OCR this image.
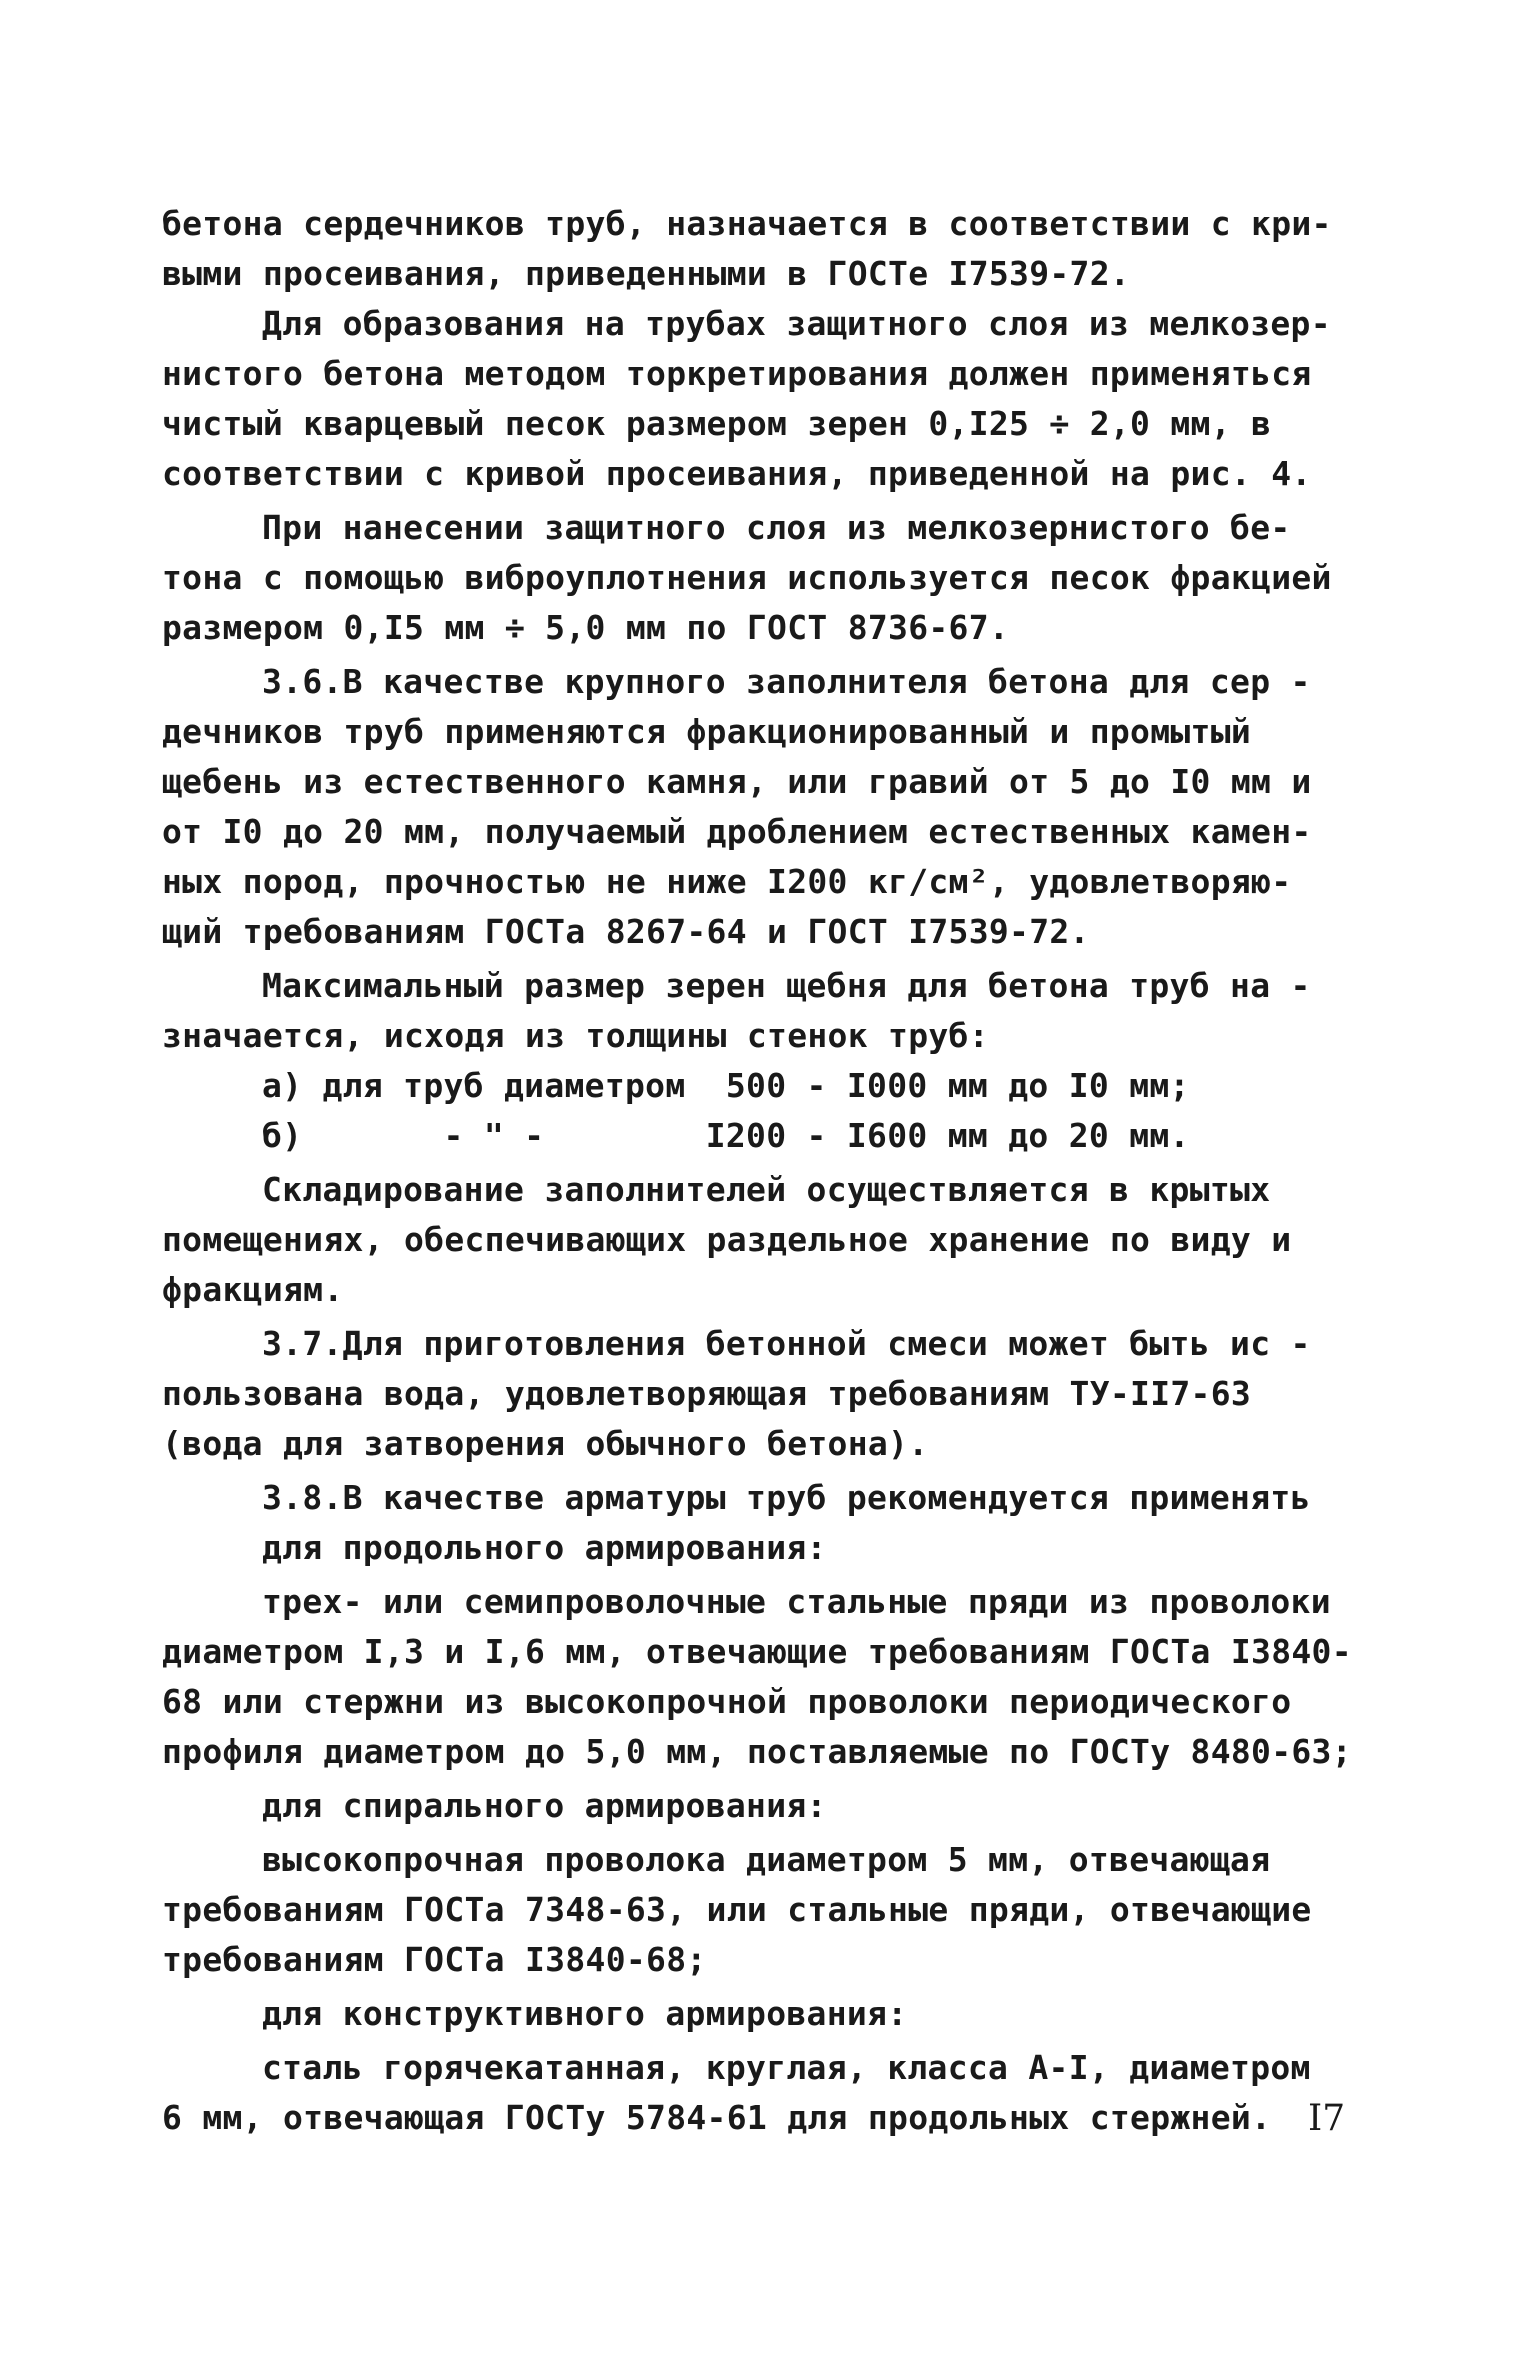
бетона сердечников труб, назначается в соответствии с кри-
выми просеивания, приведенными в ГОСТе I7539-72.
Для образования на трубах защитного слоя из мелкозер-
нистого бетона методом торкретирования должен применяться
чистый кварцевый песок размером зерен 0,I25 ÷ 2,0 мм, в
соответствии с кривой просеивания, приведенной на рис. 4.
При нанесении защитного слоя из мелкозернистого бе-
тона с помощью виброуплотнения используется песок фракцией
размером 0,I5 мм ÷ 5,0 мм по ГОСТ 8736-67.
3.6.В качестве крупного заполнителя бетона для сер -
дечников труб применяются фракционированный и промытый
щебень из естественного камня, или гравий от 5 до I0 мм и
от I0 до 20 мм, получаемый дроблением естественных камен-
ных пород, прочностью не ниже I200 кг/см², удовлетворяю-
щий требованиям ГОСТа 8267-64 и ГОСТ I7539-72.
Максимальный размер зерен щебня для бетона труб на -
значается, исходя из толщины стенок труб:
а) для труб диаметром  500 - I000 мм до I0 мм;
б)       - " -        I200 - I600 мм до 20 мм.
Складирование заполнителей осуществляется в крытых
помещениях, обеспечивающих раздельное хранение по виду и
фракциям.
3.7.Для приготовления бетонной смеси может быть ис -
пользована вода, удовлетворяющая требованиям ТУ-II7-63
(вода для затворения обычного бетона).
3.8.В качестве арматуры труб рекомендуется применять
для продольного армирования:
трех- или семипроволочные стальные пряди из проволоки
диаметром I,3 и I,6 мм, отвечающие требованиям ГОСТа I3840-
68 или стержни из высокопрочной проволоки периодического
профиля диаметром до 5,0 мм, поставляемые по ГОСТу 8480-63;
для спирального армирования:
высокопрочная проволока диаметром 5 мм, отвечающая
требованиям ГОСТа 7348-63, или стальные пряди, отвечающие
требованиям ГОСТа I3840-68;
для конструктивного армирования:
сталь горячекатанная, круглая, класса А-I, диаметром
6 мм, отвечающая ГОСТу 5784-61 для продольных стержней. I7
